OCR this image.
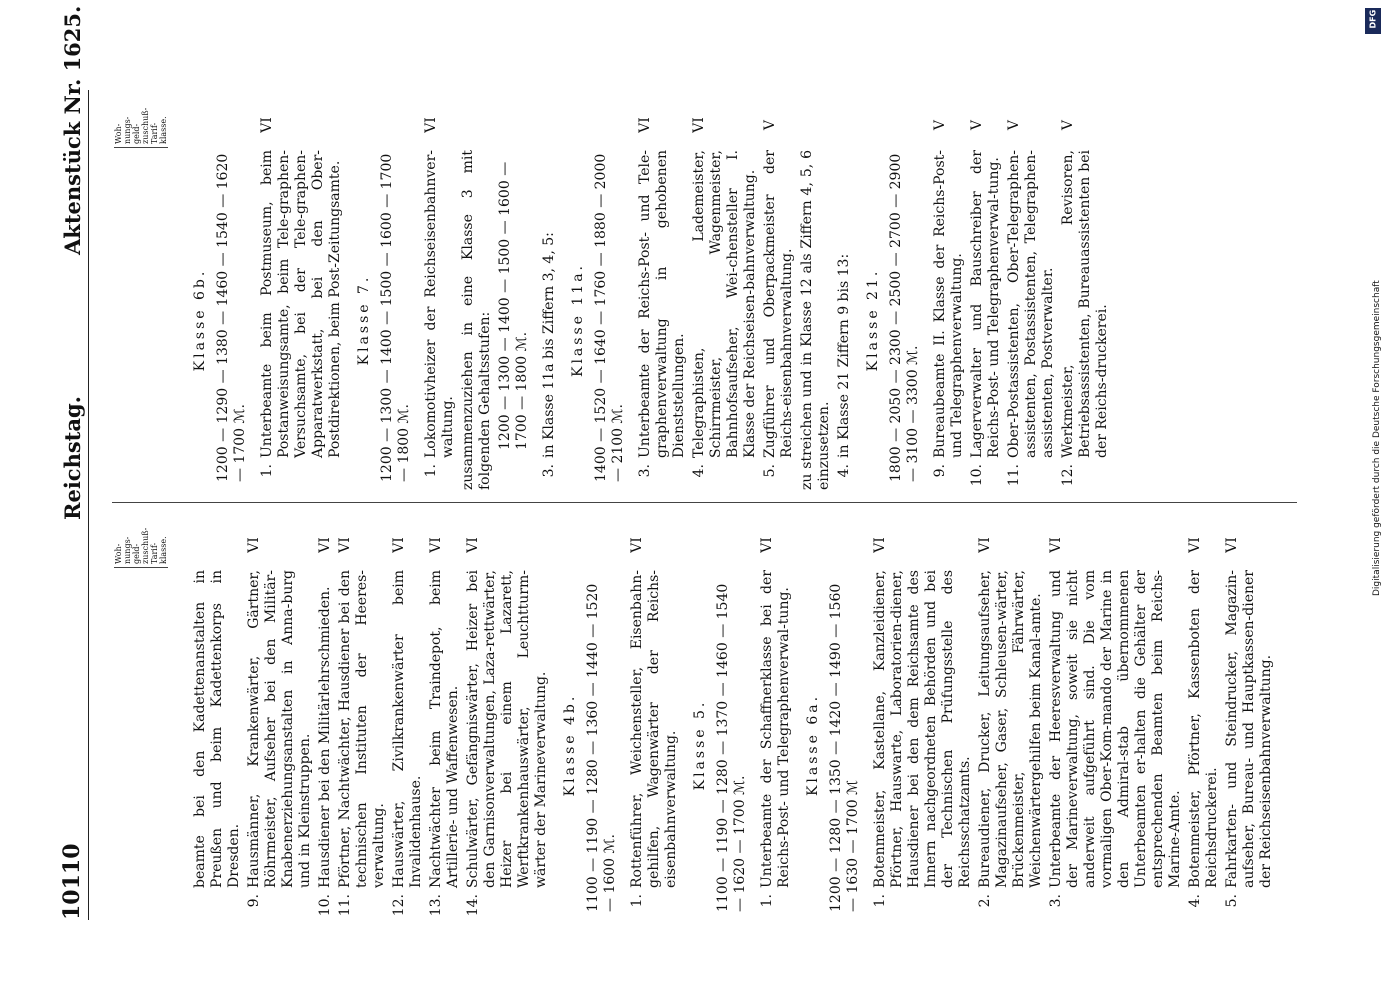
10110
Reichstag.
Aktenstück Nr. 1625.
Woh-
nungs-
geld-
zuschuß-
Tarif-
klasse.
beamte bei den Kadettenanstalten in Preußen und beim Kadettenkorps in Dresden.
9.
Hausmänner, Krankenwärter, Gärtner, Röhrmeister, Aufseher bei den Militär-Knabenerziehungsanstalten in Anna-burg und in Kleinstruppen.
VI
10.
Hausdiener bei den Militärlehrschmieden.
VI
11.
Pförtner, Nachtwächter, Hausdiener bei den technischen Instituten der Heeres-verwaltung.
VI
12.
Hauswärter, Zivilkrankenwärter beim Invalidenhause.
VI
13.
Nachtwächter beim Traindepot, beim Artillerie- und Waffenwesen.
VI
14.
Schulwärter, Gefängniswärter, Heizer bei den Garnisonverwaltungen, Laza-rettwärter, Heizer bei einem Lazarett, Werftkrankenhauswärter, Leuchtturm-wärter der Marineverwaltung.
VI
Klasse 4b. 1100 — 1190 — 1280 — 1360 — 1440 — 1520 — 1600 ℳ. 1.
Rottenführer, Weichensteller, Eisenbahn-gehilfen, Wagenwärter der Reichs-eisenbahnverwaltung.
VI
Klasse 5. 1100 — 1190 — 1280 — 1370 — 1460 — 1540 — 1620 — 1700 ℳ. 1.
Unterbeamte der Schaffnerklasse bei der Reichs-Post- und Telegraphenverwal-tung.
VI
Klasse 6a. 1200 — 1280 — 1350 — 1420 — 1490 — 1560 — 1630 — 1700 ℳ 1.
Botenmeister, Kastellane, Kanzleidiener, Pförtner, Hauswarte, Laboratorien-diener, Hausdiener bei den dem Reichsamte des Innern nachgeordneten Behörden und bei der Technischen Prüfungsstelle des Reichsschatzamts.
VI
2.
Bureaudiener, Drucker, Leitungsaufseher, Magazinaufseher, Gaser, Schleusen-wärter, Brückenmeister, Fährwärter, Weichenwärtergehilfen beim Kanal-amte.
VI
3.
Unterbeamte der Heeresverwaltung und der Marineverwaltung, soweit sie nicht anderweit aufgeführt sind. Die vom vormaligen Ober-Kom-mando der Marine in den Admiral-stab übernommenen Unterbeamten er-halten die Gehälter der entsprechenden Beamten beim Reichs-Marine-Amte.
VI
4.
Botenmeister, Pförtner, Kassenboten der Reichsdruckerei.
VI
5.
Fahrkarten- und Steindrucker, Magazin-aufseher, Bureau- und Hauptkassen-diener der Reichseisenbahnverwaltung.
VI
Woh-
nungs-
geld-
zuschuß-
Tarif-
klasse.
Klasse 6b. 1200 — 1290 — 1380 — 1460 — 1540 — 1620 — 1700 ℳ. 1.
Unterbeamte beim Postmuseum, beim Postanweisungsamte, beim Tele-graphen-Versuchsamte, bei der Tele-graphen-Apparatwerkstatt, bei den Ober-Postdirektionen, beim Post-Zeitungsamte.
VI
Klasse 7. 1200 — 1300 — 1400 — 1500 — 1600 — 1700 — 1800 ℳ. 1.
Lokomotivheizer der Reichseisenbahnver-waltung.
VI
zusammenzuziehen in eine Klasse 3 mit folgenden Gehaltsstufen: 1200 — 1300 — 1400 — 1500 — 1600 — 1700 — 1800 ℳ.
3.
in Klasse 11a bis Ziffern 3, 4, 5: Klasse 11a. 1400 — 1520 — 1640 — 1760 — 1880 — 2000 — 2100 ℳ. 3.
Unterbeamte der Reichs-Post- und Tele-graphenverwaltung in gehobenen Dienststellungen.
VI
4.
Telegraphisten, Lademeister, Schirrmeister, Wagenmeister, Bahnhofsaufseher, Wei-chensteller I. Klasse der Reichseisen-bahnverwaltung.
VI
5.
Zugführer und Oberpackmeister der Reichs-eisenbahnverwaltung.
V
zu streichen und in Klasse 12 als Ziffern 4, 5, 6 einzusetzen. 4.
in Klasse 21 Ziffern 9 bis 13: Klasse 21. 1800 — 2050 — 2300 — 2500 — 2700 — 2900 — 3100 — 3300 ℳ. 9.
Bureaubeamte II. Klasse der Reichs-Post- und Telegraphenverwaltung.
V
10.
Lagerverwalter und Bauschreiber der Reichs-Post- und Telegraphenverwal-tung.
V
11.
Ober-Postassistenten, Ober-Telegraphen-assistenten, Postassistenten, Telegraphen-assistenten, Postverwalter.
V
12.
Werkmeister, Revisoren, Betriebsassistenten, Bureauassistenten bei der Reichs-druckerei.
V
DFG
Digitalisierung gefördert durch die Deutsche Forschungsgemeinschaft
